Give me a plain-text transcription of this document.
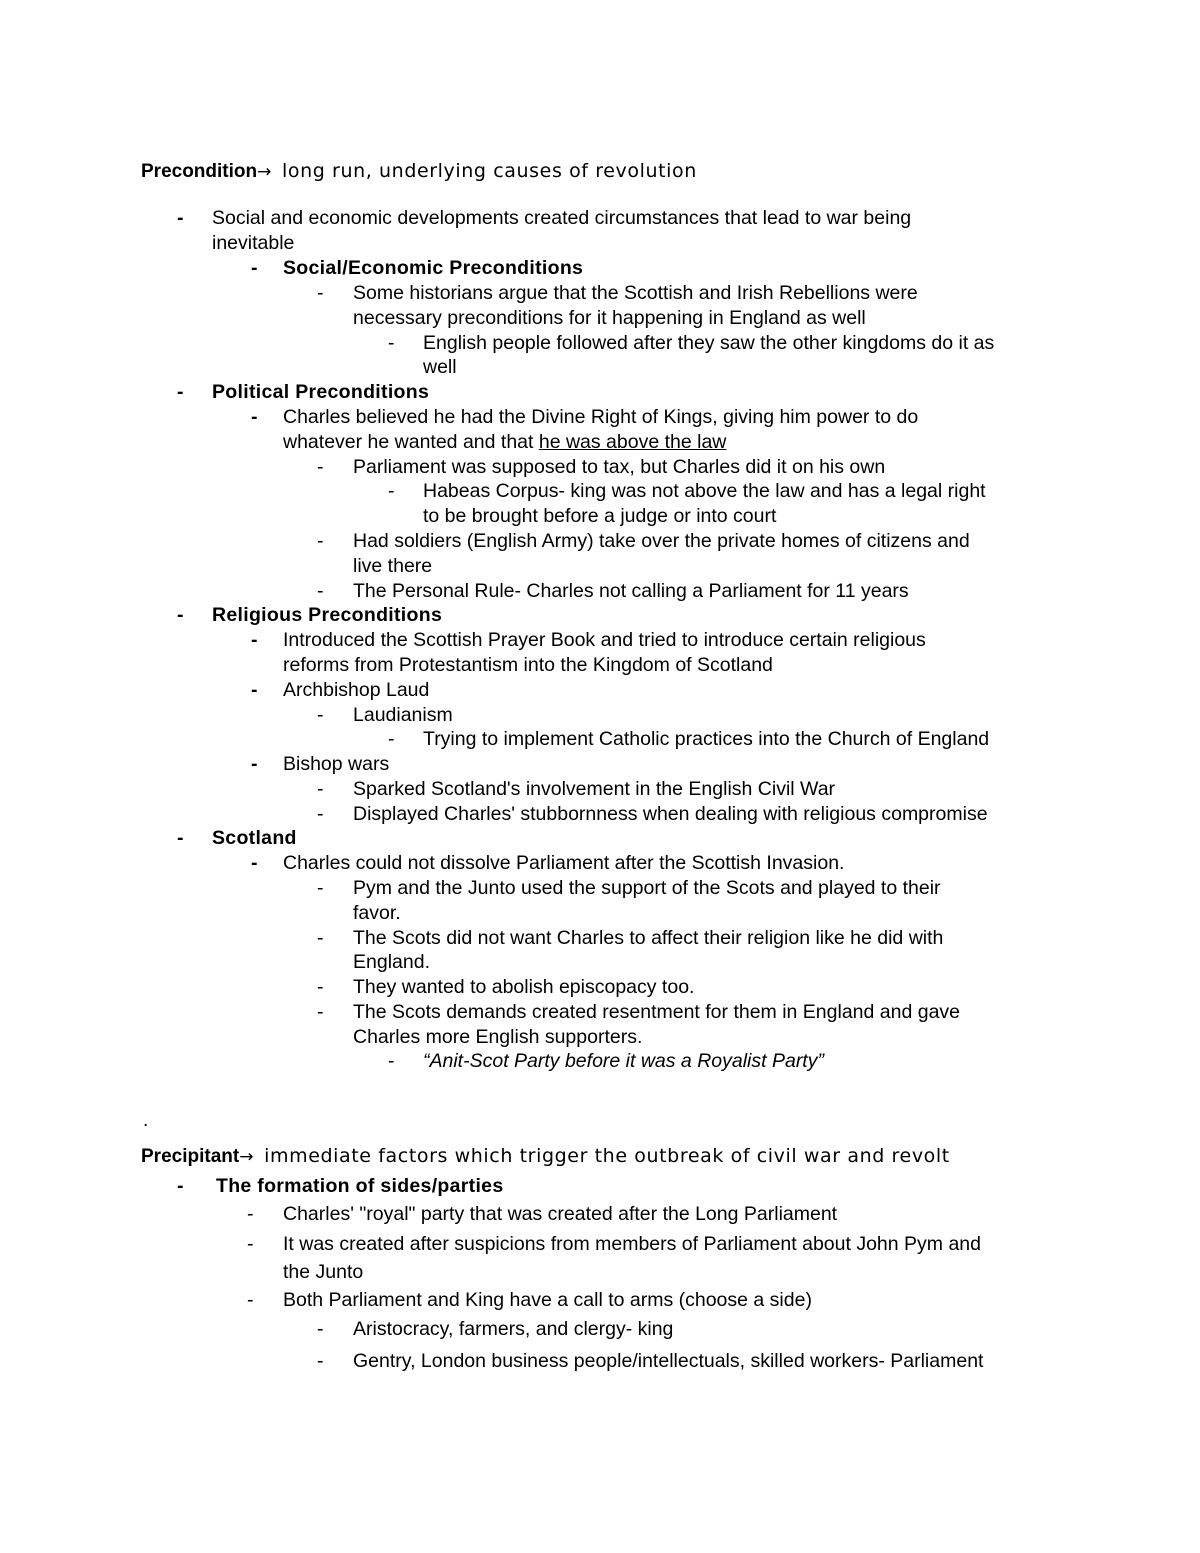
Precondition→ long run, underlying causes of revolution
- Social and economic developments created circumstances that lead to war being
inevitable
- Social/Economic Preconditions
- Some historians argue that the Scottish and Irish Rebellions were
necessary preconditions for it happening in England as well
- English people followed after they saw the other kingdoms do it as
well
- Political Preconditions
- Charles believed he had the Divine Right of Kings, giving him power to do
whatever he wanted and that he was above the law
- Parliament was supposed to tax, but Charles did it on his own
- Habeas Corpus- king was not above the law and has a legal right
to be brought before a judge or into court
- Had soldiers (English Army) take over the private homes of citizens and
live there
- The Personal Rule- Charles not calling a Parliament for 11 years
- Religious Preconditions
- Introduced the Scottish Prayer Book and tried to introduce certain religious
reforms from Protestantism into the Kingdom of Scotland
- Archbishop Laud
- Laudianism
- Trying to implement Catholic practices into the Church of England
- Bishop wars
- Sparked Scotland's involvement in the English Civil War
- Displayed Charles' stubbornness when dealing with religious compromise
- Scotland
- Charles could not dissolve Parliament after the Scottish Invasion.
- Pym and the Junto used the support of the Scots and played to their
favor.
- The Scots did not want Charles to affect their religion like he did with
England.
- They wanted to abolish episcopacy too.
- The Scots demands created resentment for them in England and gave
Charles more English supporters.
- “Anit-Scot Party before it was a Royalist Party”
.
Precipitant→ immediate factors which trigger the outbreak of civil war and revolt
- The formation of sides/parties
- Charles' "royal" party that was created after the Long Parliament
- It was created after suspicions from members of Parliament about John Pym and
the Junto
- Both Parliament and King have a call to arms (choose a side)
- Aristocracy, farmers, and clergy- king
- Gentry, London business people/intellectuals, skilled workers- Parliament
